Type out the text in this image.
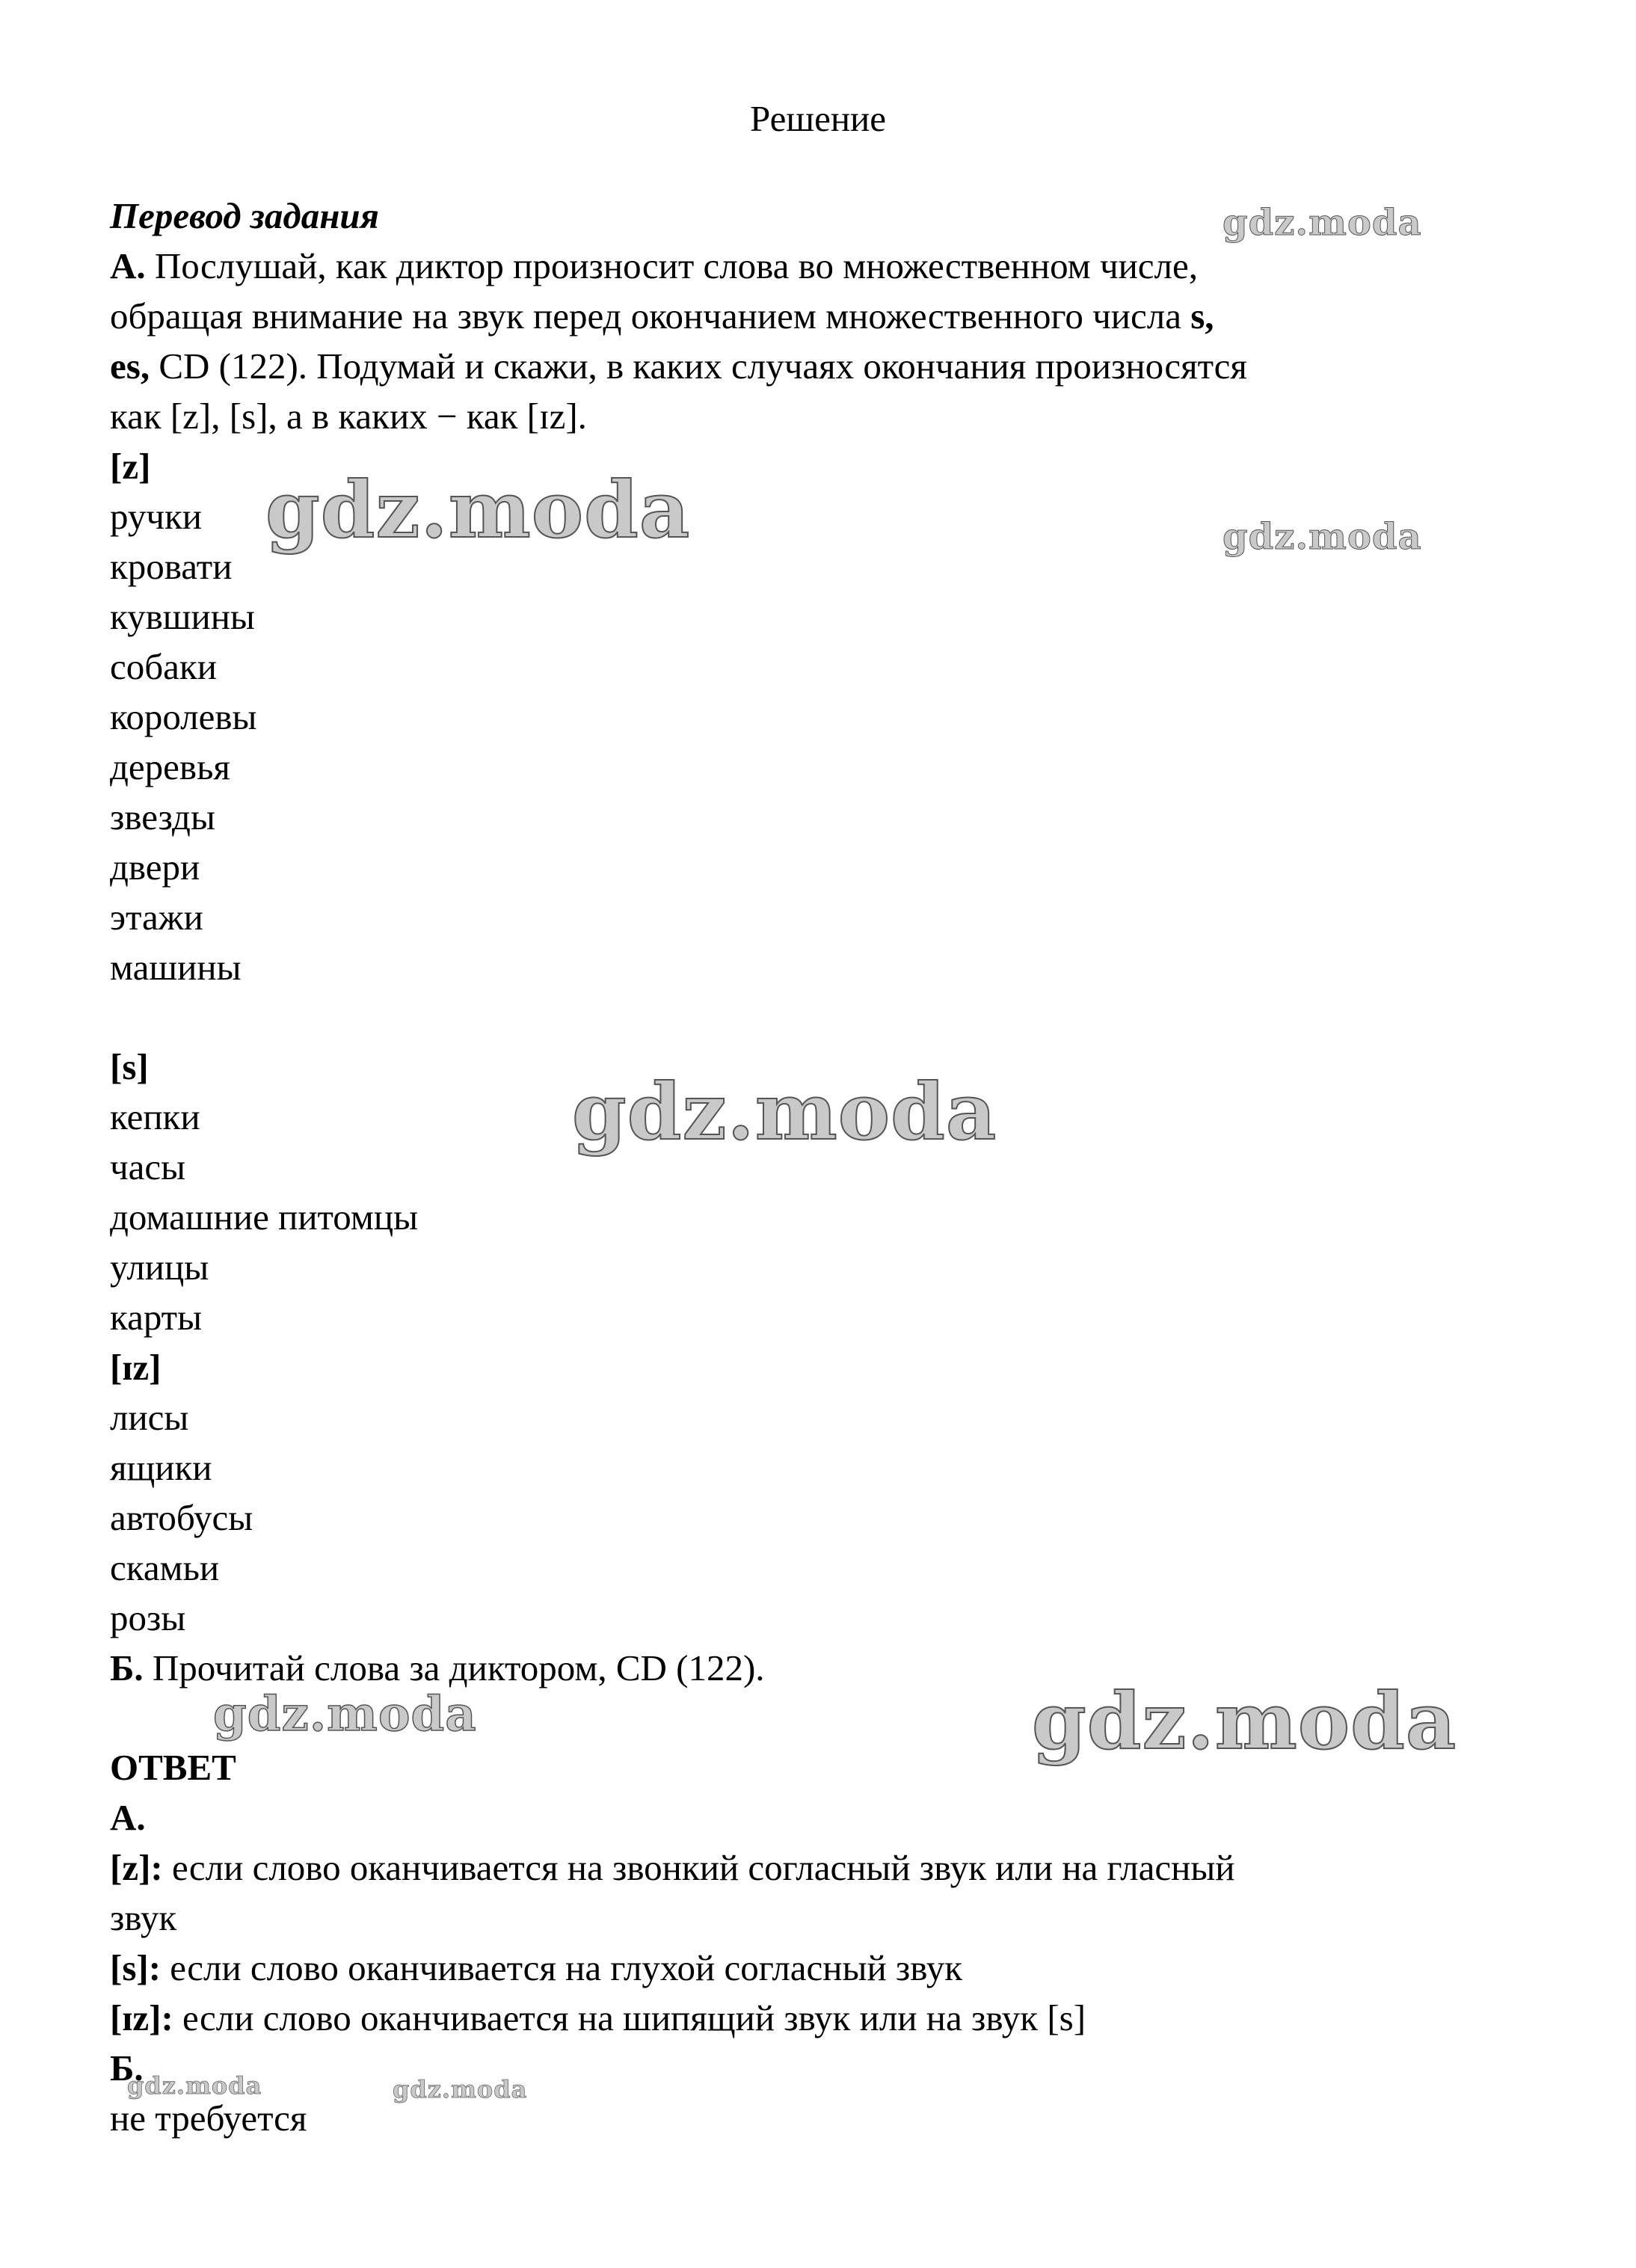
Решение
Перевод задания
А. Послушай, как диктор произносит слова во множественном числе,
обращая внимание на звук перед окончанием множественного числа s,
es, CD (122). Подумай и скажи, в каких случаях окончания произносятся
как [z], [s], а в каких − как [ɪz].
[z]
ручки
кровати
кувшины
собаки
королевы
деревья
звезды
двери
этажи
машины
[s]
кепки
часы
домашние питомцы
улицы
карты
[ɪz]
лисы
ящики
автобусы
скамьи
розы
Б. Прочитай слова за диктором, CD (122).
ОТВЕТ
А.
[z]: если слово оканчивается на звонкий согласный звук или на гласный
звук
[s]: если слово оканчивается на глухой согласный звук
[ɪz]: если слово оканчивается на шипящий звук или на звук [s]
Б.
не требуется
gdz.moda
gdz.moda	gdz.moda
gdz.moda
gdz.moda	gdz.moda
gdz.moda	gdz.moda
